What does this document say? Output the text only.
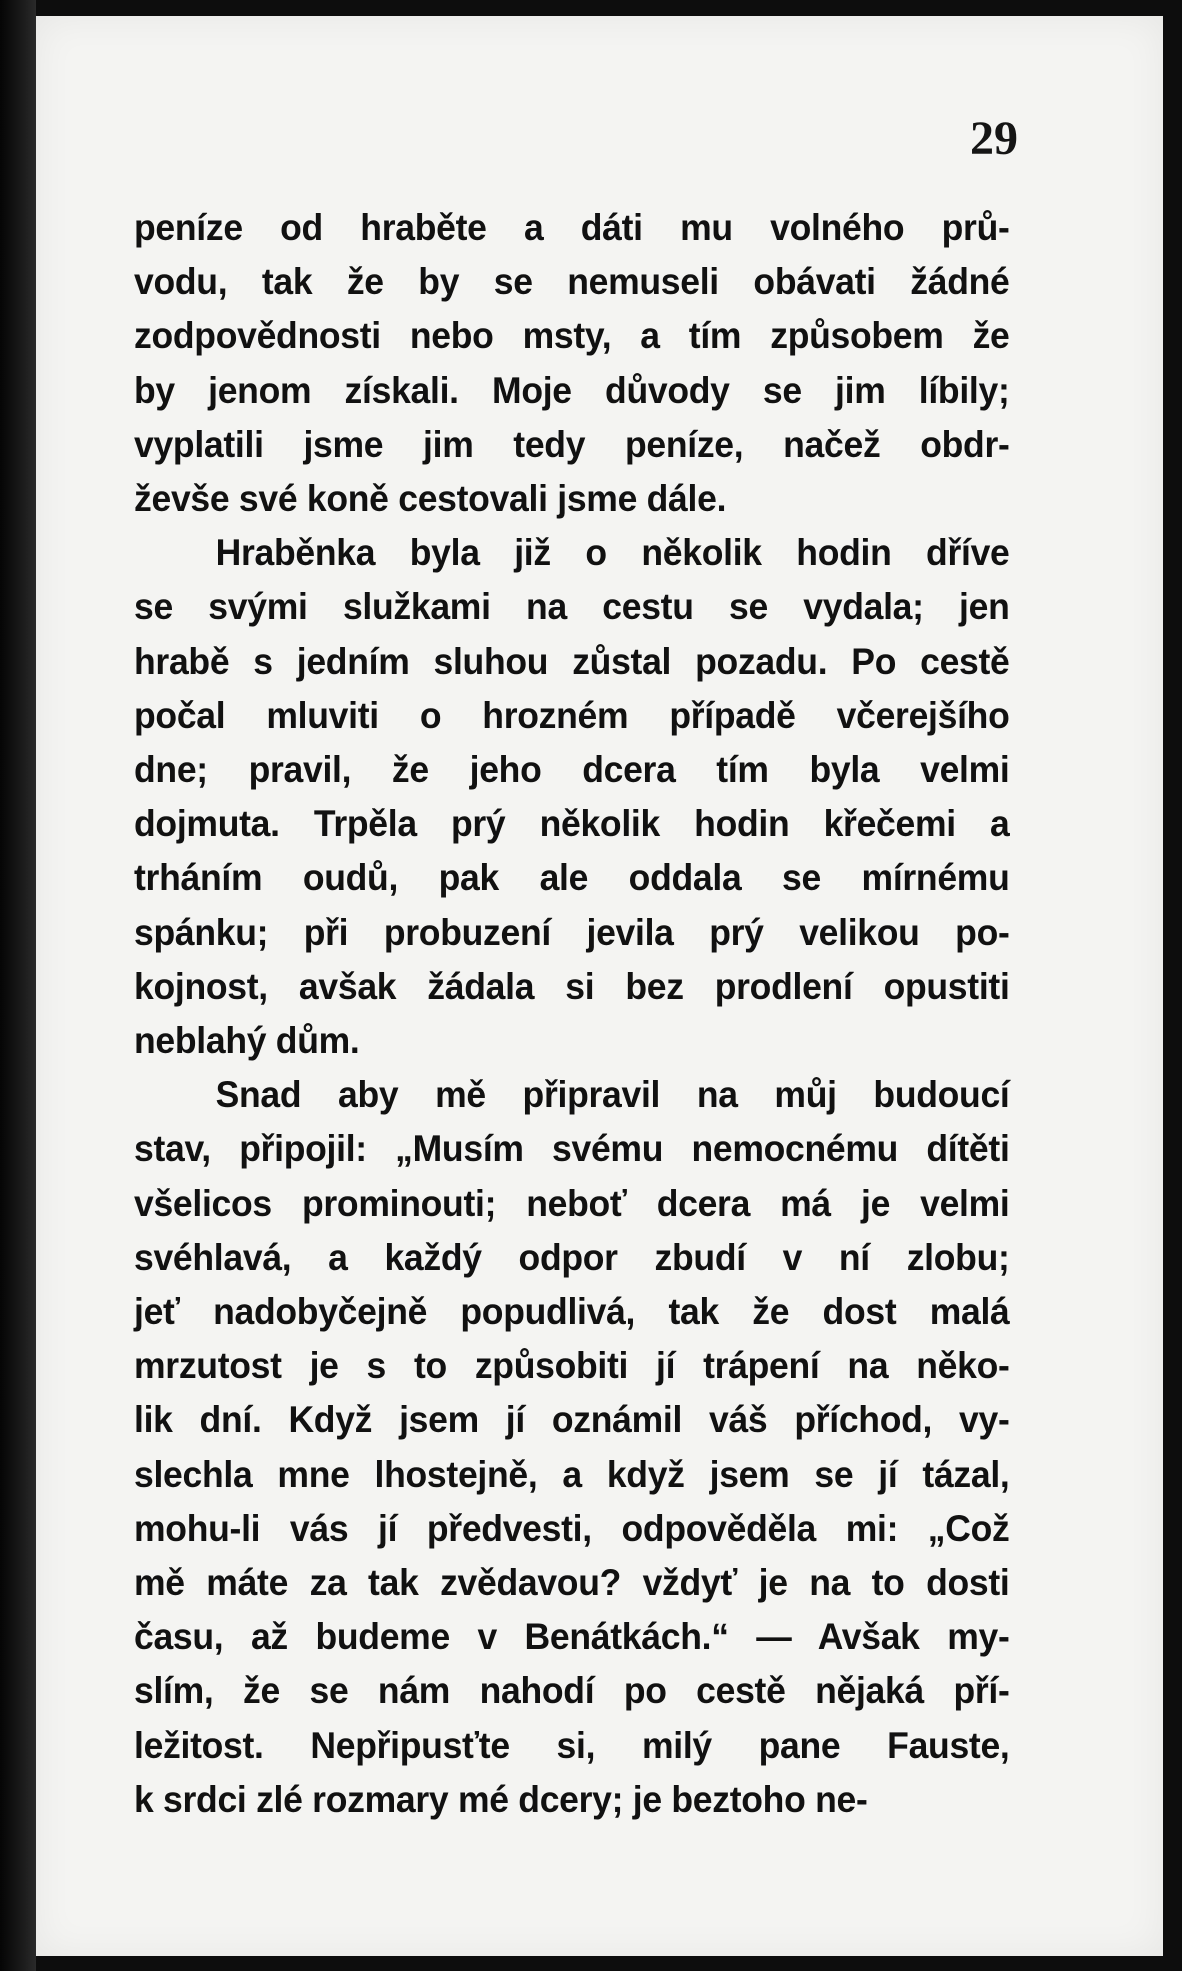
29

peníze od hraběte a dáti mu volného prů-
vodu, tak že by se nemuseli obávati žádné
zodpovědnosti nebo msty, a tím způsobem že
by jenom získali. Moje důvody se jim líbily;
vyplatili jsme jim tedy peníze, načež obdr-
ževše své koně cestovali jsme dále.
Hraběnka byla již o několik hodin dříve
se svými služkami na cestu se vydala; jen
hrabě s jedním sluhou zůstal pozadu. Po cestě
počal mluviti o hrozném případě včerejšího
dne; pravil, že jeho dcera tím byla velmi
dojmuta. Trpěla prý několik hodin křečemi a
trháním oudů, pak ale oddala se mírnému
spánku; při probuzení jevila prý velikou po-
kojnost, avšak žádala si bez prodlení opustiti
neblahý dům.
Snad aby mě připravil na můj budoucí
stav, připojil: „Musím svému nemocnému dítěti
všelicos prominouti; neboť dcera má je velmi
svéhlavá, a každý odpor zbudí v ní zlobu;
jeť nadobyčejně popudlivá, tak že dost malá
mrzutost je s to způsobiti jí trápení na něko-
lik dní. Když jsem jí oznámil váš příchod, vy-
slechla mne lhostejně, a když jsem se jí tázal,
mohu-li vás jí předvesti, odpověděla mi: „Což
mě máte za tak zvědavou? vždyť je na to dosti
času, až budeme v Benátkách.“ — Avšak my-
slím, že se nám nahodí po cestě nějaká pří-
ležitost. Nepřipusťte si, milý pane Fauste,
k srdci zlé rozmary mé dcery; je beztoho ne-
